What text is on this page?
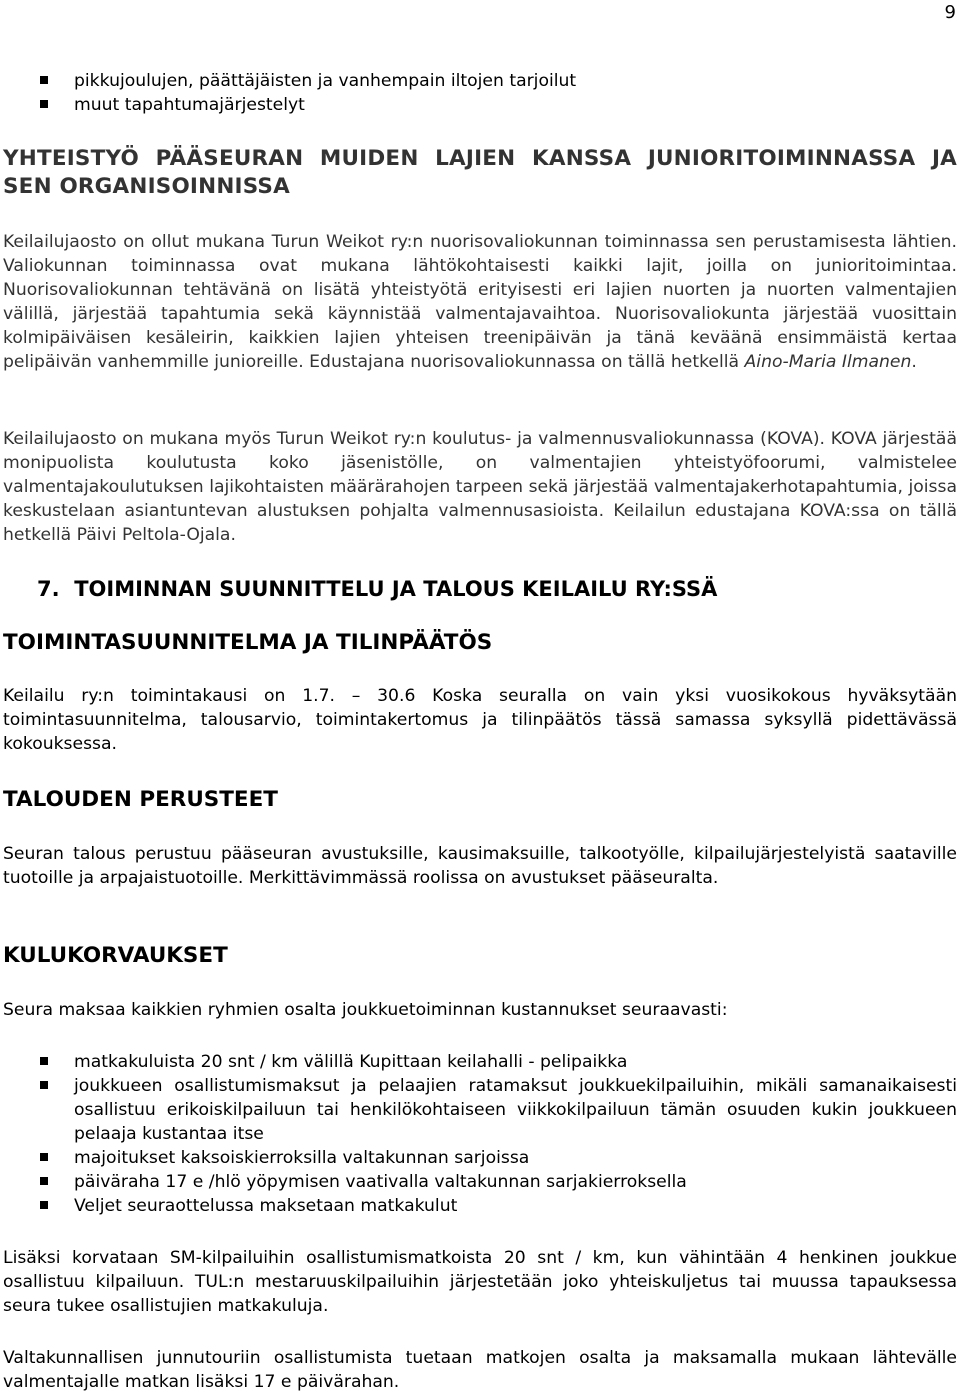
9
pikkujoulujen, päättäjäisten ja vanhempain iltojen tarjoilut
muut tapahtumajärjestelyt
YHTEISTYÖ PÄÄSEURAN MUIDEN LAJIEN KANSSA JUNIORITOIMINNASSA JA SEN ORGANISOINNISSA

Keilailujaosto on ollut mukana Turun Weikot ry:n nuorisovaliokunnan toiminnassa sen perustamisesta lähtien. Valiokunnan toiminnassa ovat mukana lähtökohtaisesti kaikki lajit, joilla on junioritoimintaa. Nuorisovaliokunnan tehtävänä on lisätä yhteistyötä erityisesti eri lajien nuorten ja nuorten valmentajien välillä, järjestää tapahtumia sekä käynnistää valmentajavaihtoa. Nuorisovaliokunta järjestää vuosittain kolmipäiväisen kesäleirin, kaikkien lajien yhteisen treenipäivän ja tänä keväänä ensimmäistä kertaa pelipäivän vanhemmille junioreille. Edustajana nuorisovaliokunnassa on tällä hetkellä Aino-Maria Ilmanen.

Keilailujaosto on mukana myös Turun Weikot ry:n koulutus- ja valmennusvaliokunnassa (KOVA). KOVA järjestää monipuolista koulutusta koko jäsenistölle, on valmentajien yhteistyöfoorumi, valmistelee valmentajakoulutuksen lajikohtaisten määrärahojen tarpeen sekä järjestää valmentajakerhotapahtumia, joissa keskustelaan asiantuntevan alustuksen pohjalta valmennusasioista. Keilailun edustajana KOVA:ssa on tällä hetkellä Päivi Peltola-Ojala.

7.  TOIMINNAN SUUNNITTELU JA TALOUS KEILAILU RY:SSÄ
TOIMINTASUUNNITELMA JA TILINPÄÄTÖS

Keilailu ry:n toimintakausi on 1.7. – 30.6 Koska seuralla on vain yksi vuosikokous hyväksytään toimintasuunnitelma, talousarvio, toimintakertomus ja tilinpäätös tässä samassa syksyllä pidettävässä kokouksessa.

TALOUDEN PERUSTEET

Seuran talous perustuu pääseuran avustuksille, kausimaksuille, talkootyölle, kilpailujärjestelyistä saataville tuotoille ja arpajaistuotoille. Merkittävimmässä roolissa on avustukset pääseuralta.

KULUKORVAUKSET

Seura maksaa kaikkien ryhmien osalta joukkuetoiminnan kustannukset seuraavasti:

matkakuluista 20 snt / km välillä Kupittaan keilahalli - pelipaikka
joukkueen osallistumismaksut ja pelaajien ratamaksut joukkuekilpailuihin, mikäli samanaikaisesti osallistuu erikoiskilpailuun tai henkilökohtaiseen viikkokilpailuun tämän osuuden kukin joukkueen pelaaja kustantaa itse
majoitukset kaksoiskierroksilla valtakunnan sarjoissa
päiväraha 17 e /hlö yöpymisen vaativalla valtakunnan sarjakierroksella
Veljet seuraottelussa maksetaan matkakulut

Lisäksi korvataan SM-kilpailuihin osallistumismatkoista 20 snt / km, kun vähintään 4 henkinen joukkue osallistuu kilpailuun. TUL:n mestaruuskilpailuihin järjestetään joko yhteiskuljetus tai muussa tapauksessa seura tukee osallistujien matkakuluja.

Valtakunnallisen junnutouriin osallistumista tuetaan matkojen osalta ja maksamalla mukaan lähtevälle valmentajalle matkan lisäksi 17 e päivärahan.
